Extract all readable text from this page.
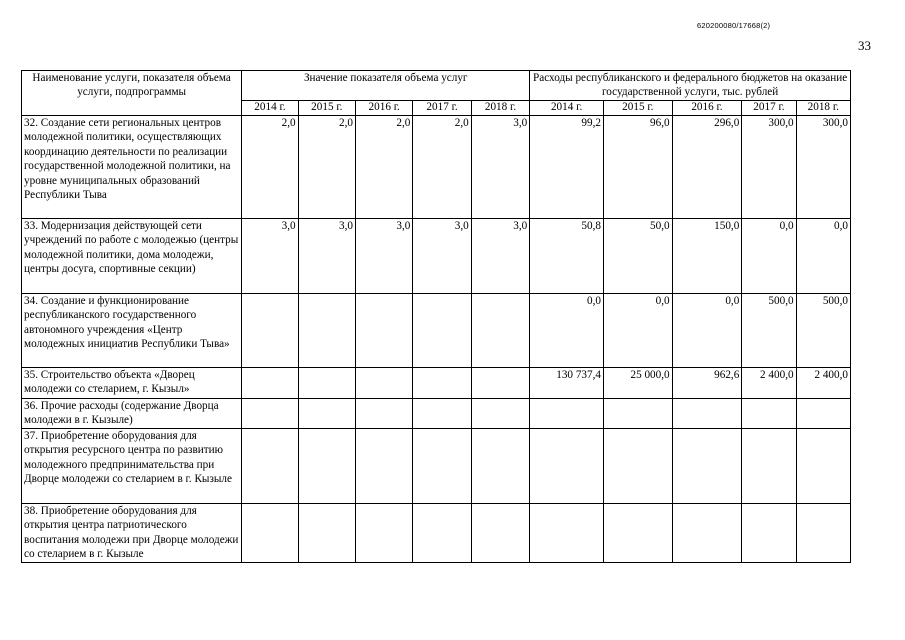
620200080/17668(2)
33
Наименование услуги, показателя объема услуги, подпрограммы	Значение показателя объема услуг					Расходы республиканского и федерального бюджетов на оказание государственной услуги, тыс. рублей				
	2014 г.	2015 г.	2016 г.	2017 г.	2018 г.	2014 г.	2015 г.	2016 г.	2017 г.	2018 г.
32. Создание сети региональных центров молодежной политики, осуществляющих координацию деятельности по реализации государственной молодежной политики, на уровне муниципальных образований Республики Тыва	2,0	2,0	2,0	2,0	3,0	99,2	96,0	296,0	300,0	300,0
33. Модернизация действующей сети учреждений по работе с молодежью (центры молодежной политики, дома молодежи, центры досуга, спортивные секции)	3,0	3,0	3,0	3,0	3,0	50,8	50,0	150,0	0,0	0,0
34. Создание и функционирование республиканского государственного автономного учреждения «Центр молодежных инициатив Республики Тыва»						0,0	0,0	0,0	500,0	500,0
35. Строительство объекта «Дворец молодежи со стеларием, г. Кызыл»						130 737,4	25 000,0	962,6	2 400,0	2 400,0
36. Прочие расходы (содержание Дворца молодежи в г. Кызыле)										
37. Приобретение оборудования для открытия ресурсного центра по развитию молодежного предпринимательства при Дворце молодежи со стеларием в г. Кызыле										
38. Приобретение оборудования для открытия центра патриотического воспитания молодежи при Дворце молодежи со стеларием в г. Кызыле										
